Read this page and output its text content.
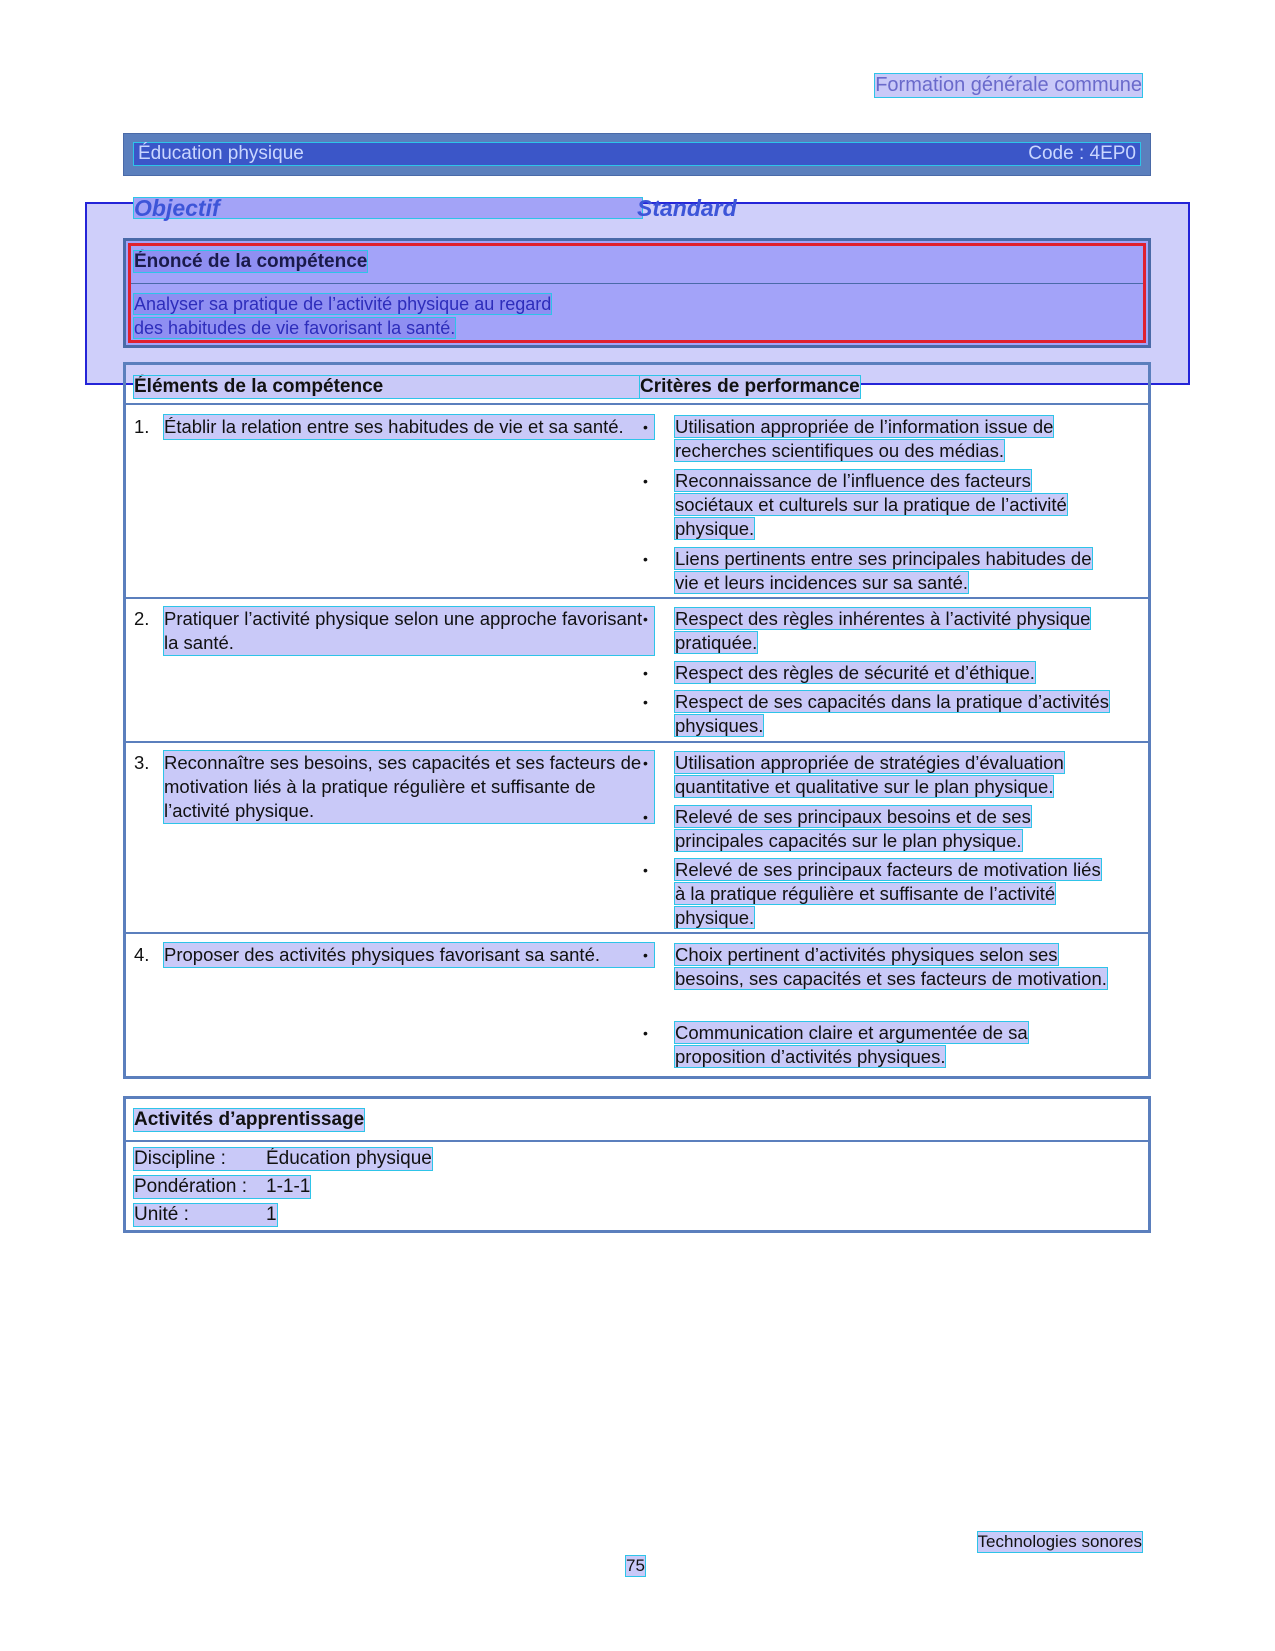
Formation générale commune
Éducation physique	Code : 4EP0
Objectif	Standard
Énoncé de la compétence
Analyser sa pratique de l’activité physique au regard
des habitudes de vie favorisant la santé.
Éléments de la compétence	Critères de performance
1. Établir la relation entre ses habitudes de vie et sa santé.	• Utilisation appropriée de l’information issue de recherches scientifiques ou des médias.
• Reconnaissance de l’influence des facteurs sociétaux et culturels sur la pratique de l’activité physique.
• Liens pertinents entre ses principales habitudes de vie et leurs incidences sur sa santé.
2. Pratiquer l’activité physique selon une approche favorisant la santé.
• Respect des règles inhérentes à l’activité physique pratiquée.
• Respect des règles de sécurité et d’éthique.
• Respect de ses capacités dans la pratique d’activités physiques.
3. Reconnaître ses besoins, ses capacités et ses facteurs de motivation liés à la pratique régulière et suffisante de l’activité physique.
• Utilisation appropriée de stratégies d’évaluation quantitative et qualitative sur le plan physique.
• Relevé de ses principaux besoins et de ses principales capacités sur le plan physique.
• Relevé de ses principaux facteurs de motivation liés à la pratique régulière et suffisante de l’activité physique.
4. Proposer des activités physiques favorisant sa santé.	• Choix pertinent d’activités physiques selon ses besoins, ses capacités et ses facteurs de motivation.
• Communication claire et argumentée de sa proposition d’activités physiques.
Activités d’apprentissage
Discipline : Éducation physique
Pondération : 1-1-1
Unité :	1
Technologies sonores
75
